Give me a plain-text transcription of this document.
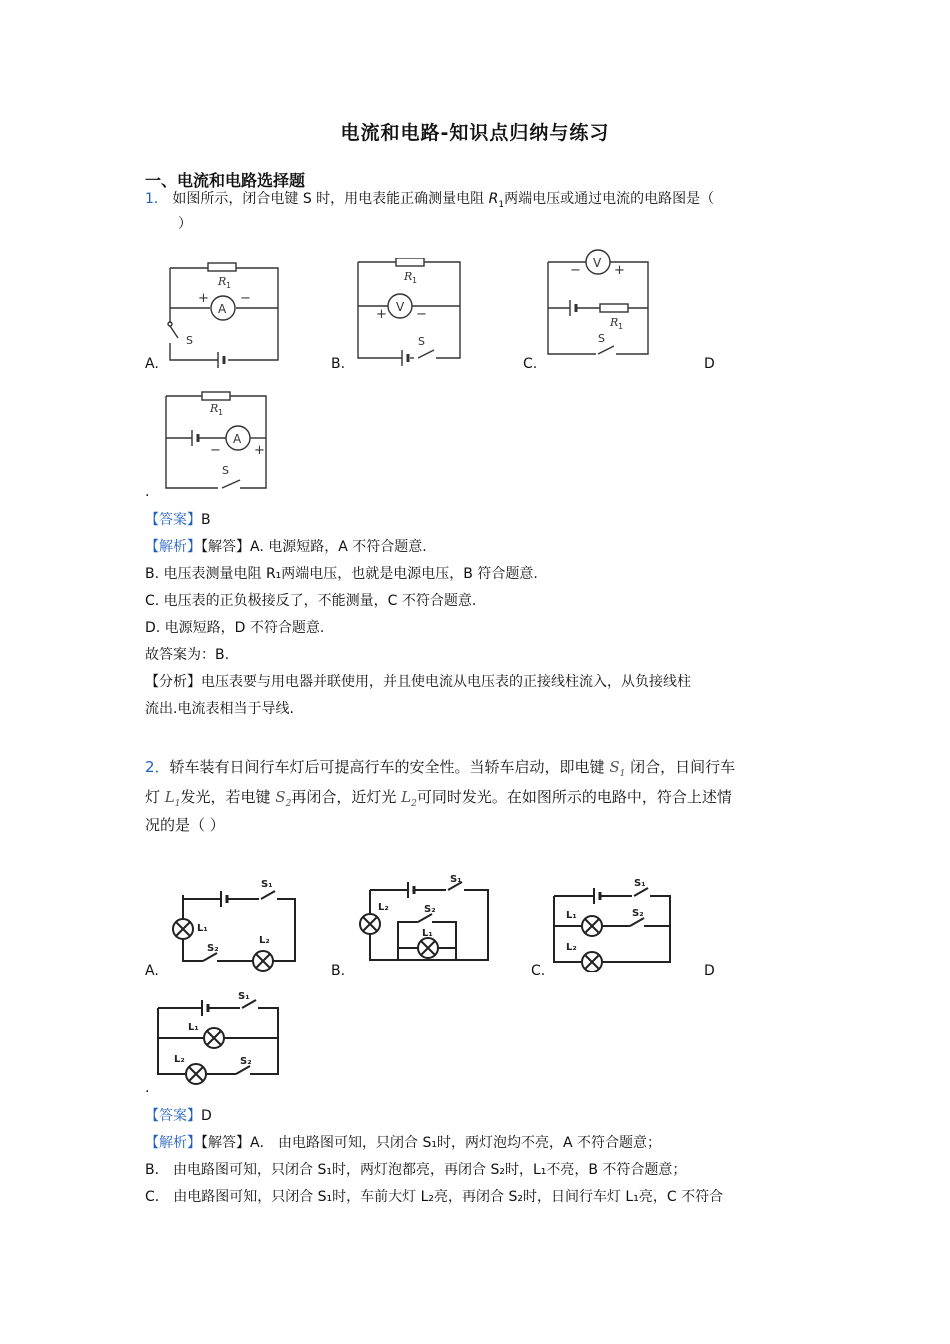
电流和电路-知识点归纳与练习
一、电流和电路选择题
1． 如图所示，闭合电键 S 时，用电表能正确测量电阻 $R_1$两端电压或通过电流的电路图是（
）
R 1
A
+ −
S
A.
R 1
V
+ −
S
B.
V
−	+
R 1
S
C.	D
R 1
A
−	+
S
.
【答案】B
【解析】【解答】A. 电源短路，A 不符合题意.
B. 电压表测量电阻 R₁两端电压，也就是电源电压，B 符合题意.
C. 电压表的正负极接反了，不能测量，C 不符合题意.
D. 电源短路，D 不符合题意.
故答案为：B.
【分析】电压表要与用电器并联使用，并且使电流从电压表的正接线柱流入，从负接线柱
流出.电流表相当于导线.
2．轿车装有日间行车灯后可提高行车的安全性。当轿车启动，即电键 $S_1$ 闭合，日间行车
灯 $L_1$发光，若电键 $S_2$再闭合，近灯光 $L_2$可同时发光。在如图所示的电路中，符合上述情
况的是（ ）
S₁
L₁
S₂
L₂
A.
S₁
L₂	S₂
L₁
B.
S₁
L₁	S₂
L₂
C.	D
S₁
L₁
L₂	S₂
.
【答案】D
【解析】【解答】A． 由电路图可知，只闭合 S₁时，两灯泡均不亮，A 不符合题意；
B． 由电路图可知，只闭合 S₁时，两灯泡都亮，再闭合 S₂时，L₁不亮，B 不符合题意；
C． 由电路图可知，只闭合 S₁时，车前大灯 L₂亮，再闭合 S₂时，日间行车灯 L₁亮，C 不符合
